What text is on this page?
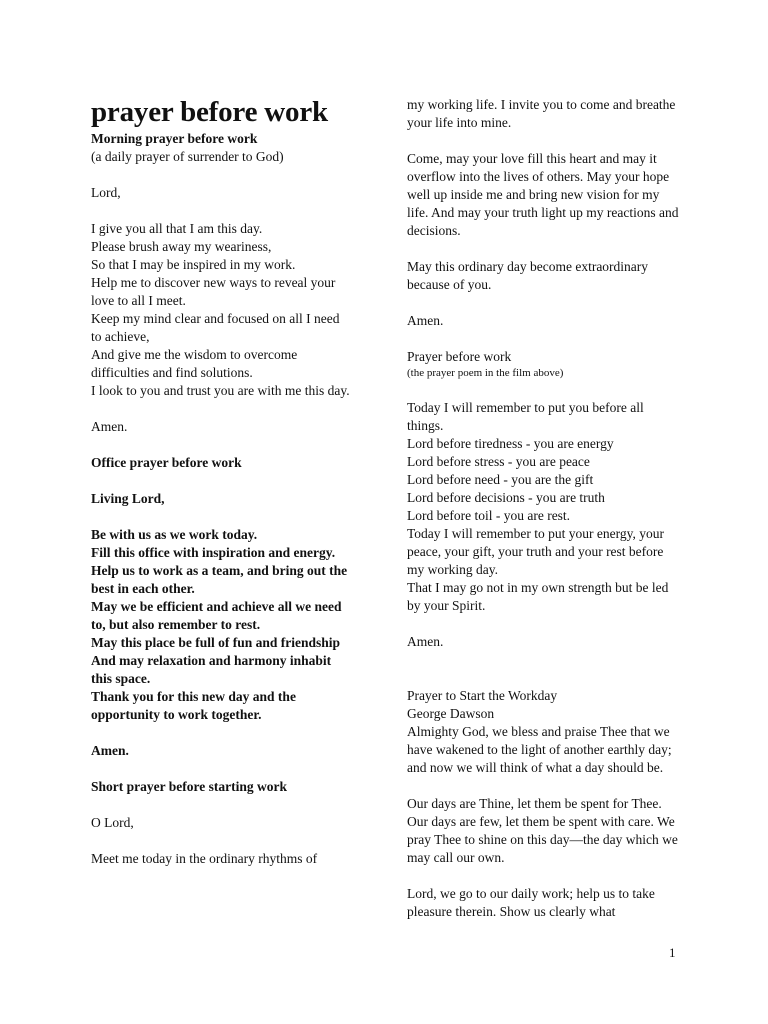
prayer before work

Morning prayer before work

(a daily prayer of surrender to God)

Lord,

I give you all that I am this day.

Please brush away my weariness,

So that I may be inspired in my work.

Help me to discover new ways to reveal your love to all I meet.

Keep my mind clear and focused on all I need to achieve,

And give me the wisdom to overcome difficulties and find solutions.

I look to you and trust you are with me this day.

Amen.

Office prayer before work

Living Lord,

Be with us as we work today.

Fill this office with inspiration and energy.

Help us to work as a team, and bring out the best in each other.

May we be efficient and achieve all we need to, but also remember to rest.

May this place be full of fun and friendship

And may relaxation and harmony inhabit this space.

Thank you for this new day and the opportunity to work together.

Amen.

Short prayer before starting work

O Lord,

Meet me today in the ordinary rhythms of

my working life. I invite you to come and breathe your life into mine.

Come, may your love fill this heart and may it overflow into the lives of others. May your hope well up inside me and bring new vision for my life. And may your truth light up my reactions and decisions.

May this ordinary day become extraordinary because of you.

Amen.

Prayer before work

(the prayer poem in the film above)

Today I will remember to put you before all things.

Lord before tiredness - you are energy

Lord before stress - you are peace

Lord before need - you are the gift

Lord before decisions - you are truth

Lord before toil - you are rest.

Today I will remember to put your energy, your peace, your gift, your truth and your rest before my working day.

That I may go not in my own strength but be led by your Spirit.

Amen.

Prayer to Start the Workday

George Dawson

Almighty God, we bless and praise Thee that we have wakened to the light of another earthly day; and now we will think of what a day should be.

Our days are Thine, let them be spent for Thee. Our days are few, let them be spent with care. We pray Thee to shine on this day—the day which we may call our own.

Lord, we go to our daily work; help us to take pleasure therein. Show us clearly what

1
